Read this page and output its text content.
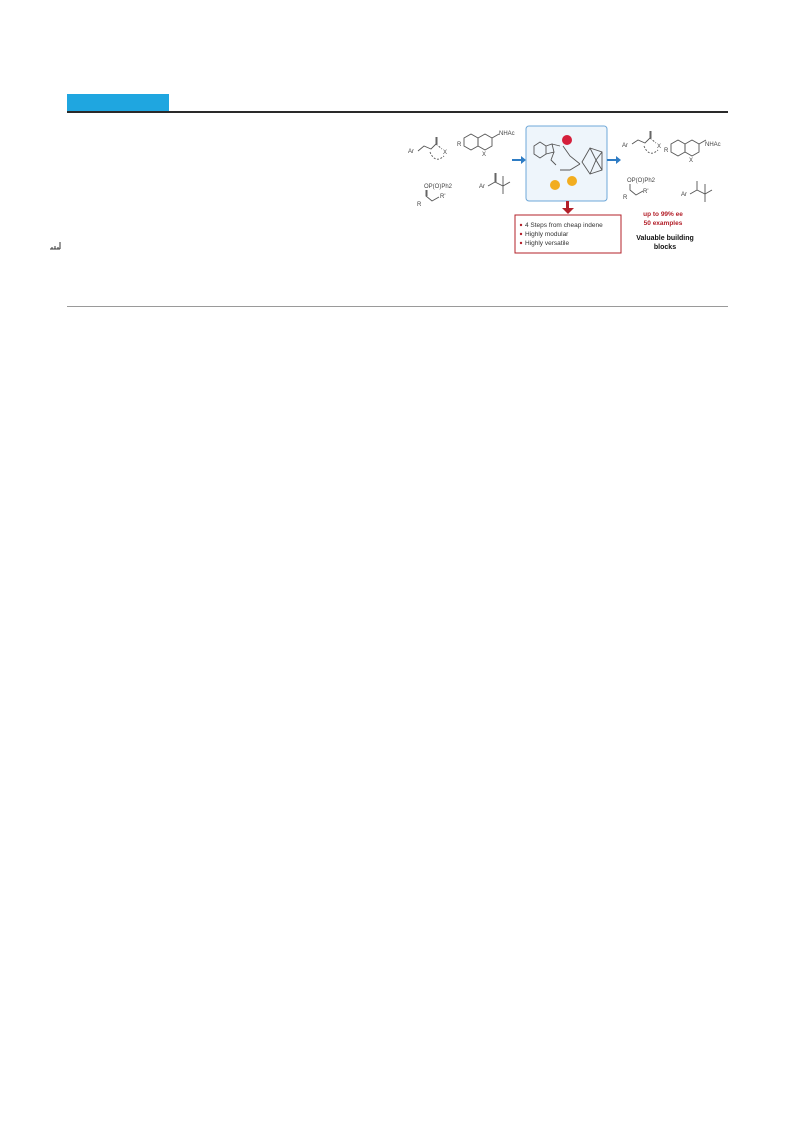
Ar	X
R
NHAc
X
OP(O)Ph2
R
R'
Ar
4 Steps from cheap indene
Highly modular
Highly versatile
Ar	X
R
NHAc
X
OP(O)Ph2
R
R'	Ar
up to 99% ee
50 examples
Valuable building
blocks
